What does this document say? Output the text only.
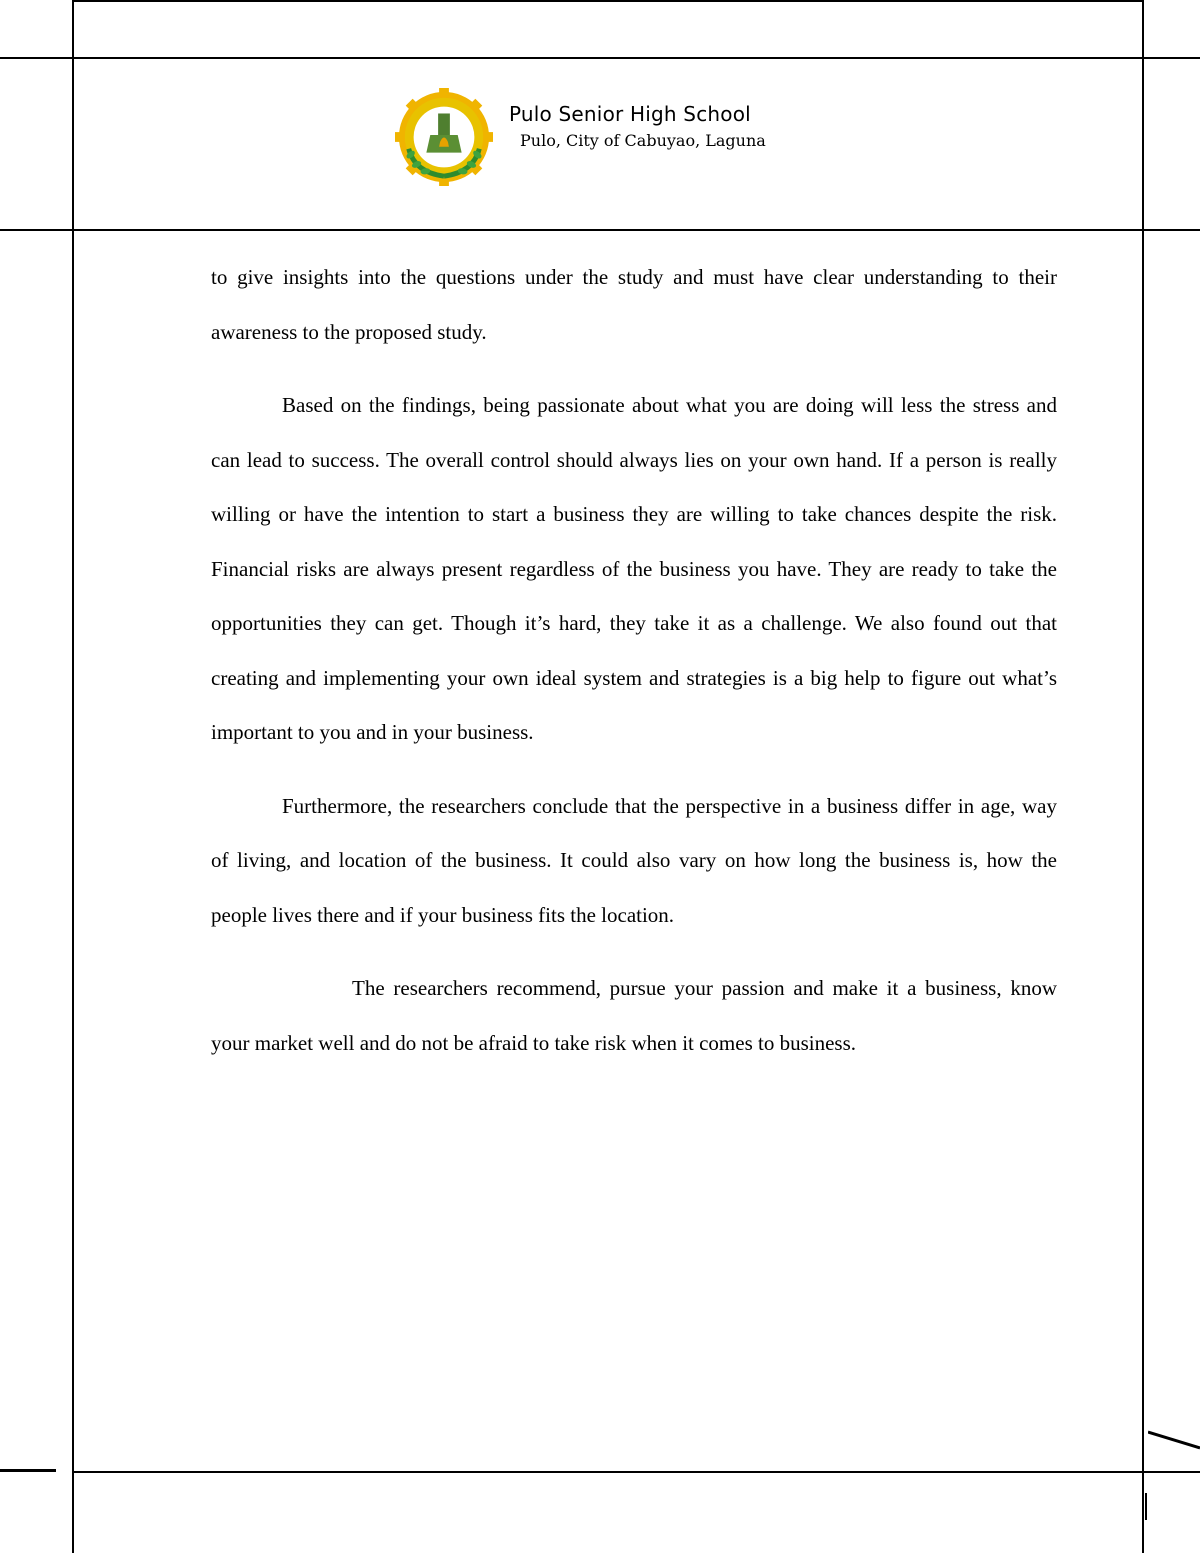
Pulo Senior High School
Pulo, City of Cabuyao, Laguna

to give insights into the questions under the study and must have clear understanding to their awareness to the proposed study.

Based on the findings, being passionate about what you are doing will less the stress and can lead to success. The overall control should always lies on your own hand. If a person is really willing or have the intention to start a business they are willing to take chances despite the risk. Financial risks are always present regardless of the business you have. They are ready to take the opportunities they can get. Though it’s hard, they take it as a challenge. We also found out that creating and implementing your own ideal system and strategies is a big help to figure out what’s important to you and in your business.

Furthermore, the researchers conclude that the perspective in a business differ in age, way of living, and location of the business. It could also vary on how long the business is, how the people lives there and if your business fits the location.

The researchers recommend, pursue your passion and make it a business, know your market well and do not be afraid to take risk when it comes to business.
